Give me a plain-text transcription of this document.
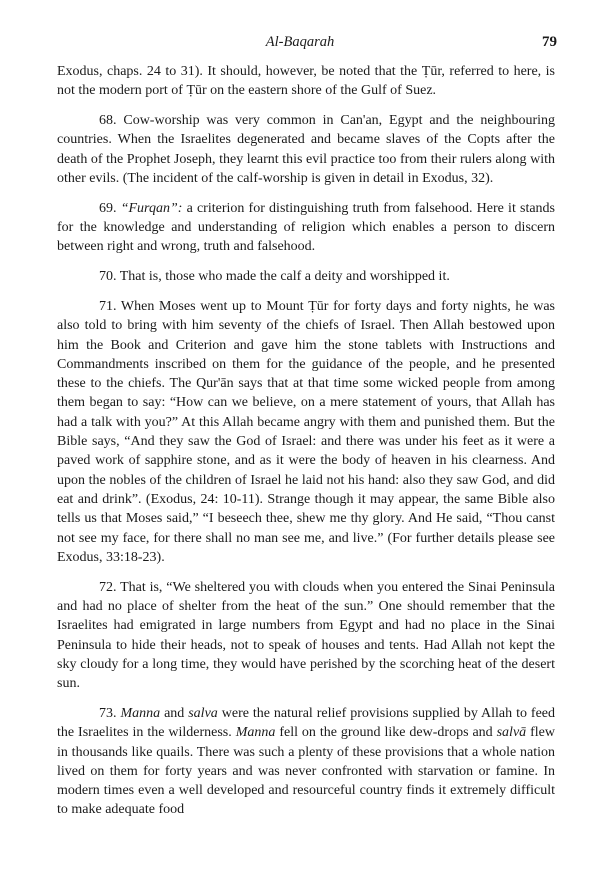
Al-Baqarah	79

Exodus, chaps. 24 to 31). It should, however, be noted that the Ṭūr, referred to here, is not the modern port of Ṭūr on the eastern shore of the Gulf of Suez.

68. Cow-worship was very common in Can'an, Egypt and the neighbouring countries. When the Israelites degenerated and became slaves of the Copts after the death of the Prophet Joseph, they learnt this evil practice too from their rulers along with other evils. (The incident of the calf-worship is given in detail in Exodus, 32).

69. “Furqan”: a criterion for distinguishing truth from falsehood. Here it stands for the knowledge and understanding of religion which enables a person to discern between right and wrong, truth and falsehood.

70. That is, those who made the calf a deity and worshipped it.

71. When Moses went up to Mount Ṭūr for forty days and forty nights, he was also told to bring with him seventy of the chiefs of Israel. Then Allah bestowed upon him the Book and Criterion and gave him the stone tablets with Instructions and Commandments inscribed on them for the guidance of the people, and he presented these to the chiefs. The Qur'ān says that at that time some wicked people from among them began to say: “How can we believe, on a mere statement of yours, that Allah has had a talk with you?” At this Allah became angry with them and punished them. But the Bible says, “And they saw the God of Israel: and there was under his feet as it were a paved work of sapphire stone, and as it were the body of heaven in his clearness. And upon the nobles of the children of Israel he laid not his hand: also they saw God, and did eat and drink”. (Exodus, 24: 10-11). Strange though it may appear, the same Bible also tells us that Moses said,” “I beseech thee, shew me thy glory. And He said, “Thou canst not see my face, for there shall no man see me, and live.” (For further details please see Exodus, 33:18-23).

72. That is, “We sheltered you with clouds when you entered the Sinai Peninsula and had no place of shelter from the heat of the sun.” One should remember that the Israelites had emigrated in large numbers from Egypt and had no place in the Sinai Peninsula to hide their heads, not to speak of houses and tents. Had Allah not kept the sky cloudy for a long time, they would have perished by the scorching heat of the desert sun.

73. Manna and salva were the natural relief provisions supplied by Allah to feed the Israelites in the wilderness. Manna fell on the ground like dew-drops and salvā flew in thousands like quails. There was such a plenty of these provisions that a whole nation lived on them for forty years and was never confronted with starvation or famine. In modern times even a well developed and resourceful country finds it extremely difficult to make adequate food
